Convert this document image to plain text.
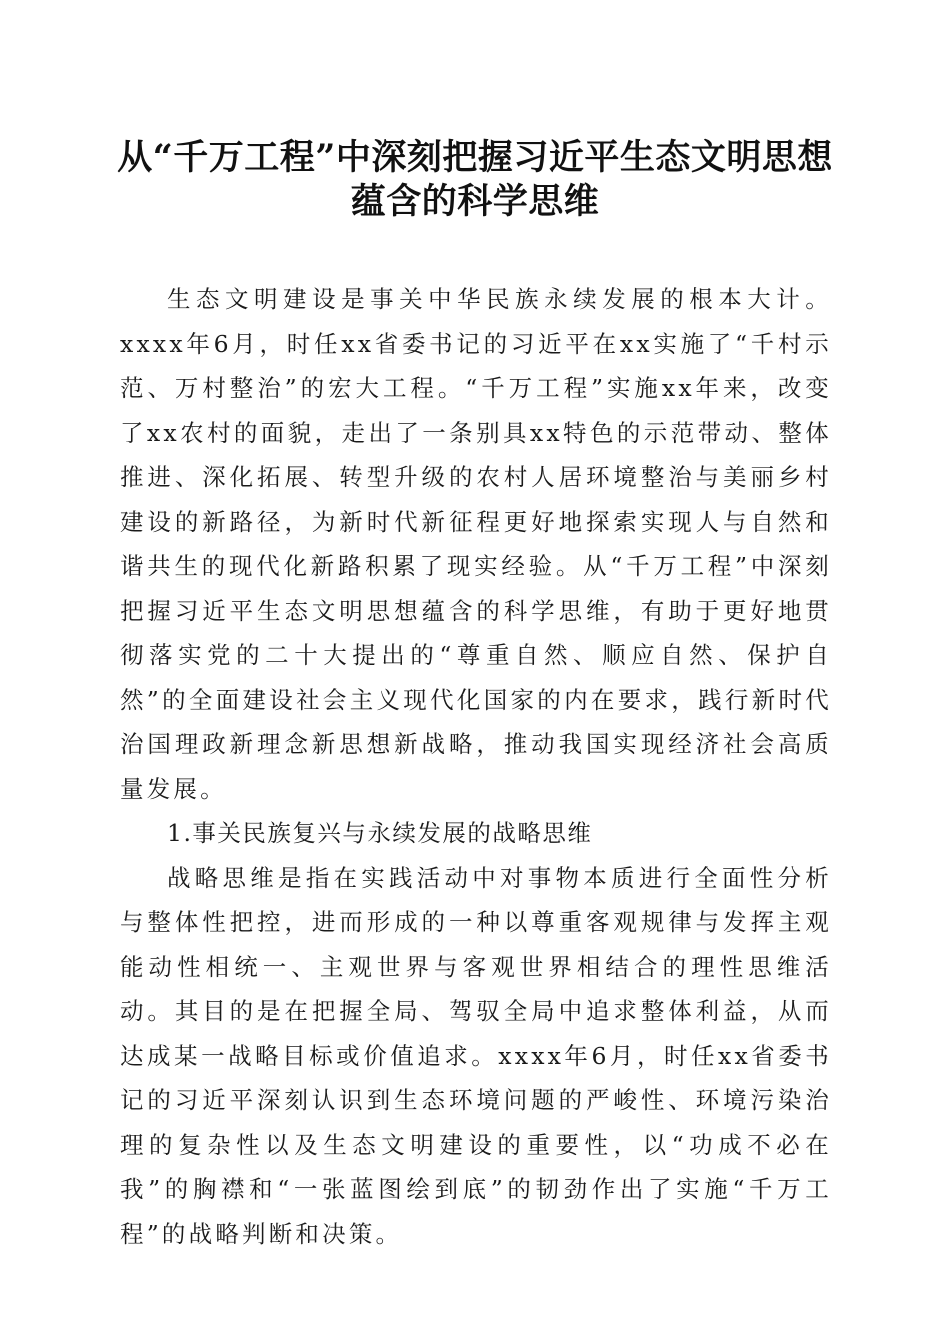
从“千万工程”中深刻把握习近平生态文明思想蕴含的科学思维

生态文明建设是事关中华民族永续发展的根本大计。xxxx年6月，时任xx省委书记的习近平在xx实施了“千村示范、万村整治”的宏大工程。“千万工程”实施xx年来，改变了xx农村的面貌，走出了一条别具xx特色的示范带动、整体推进、深化拓展、转型升级的农村人居环境整治与美丽乡村建设的新路径，为新时代新征程更好地探索实现人与自然和谐共生的现代化新路积累了现实经验。从“千万工程”中深刻把握习近平生态文明思想蕴含的科学思维，有助于更好地贯彻落实党的二十大提出的“尊重自然、顺应自然、保护自然”的全面建设社会主义现代化国家的内在要求，践行新时代治国理政新理念新思想新战略，推动我国实现经济社会高质量发展。

1.事关民族复兴与永续发展的战略思维

战略思维是指在实践活动中对事物本质进行全面性分析与整体性把控，进而形成的一种以尊重客观规律与发挥主观能动性相统一、主观世界与客观世界相结合的理性思维活动。其目的是在把握全局、驾驭全局中追求整体利益，从而达成某一战略目标或价值追求。xxxx年6月，时任xx省委书记的习近平深刻认识到生态环境问题的严峻性、环境污染治理的复杂性以及生态文明建设的重要性，以“功成不必在我”的胸襟和“一张蓝图绘到底”的韧劲作出了实施“千万工程”的战略判断和决策。
